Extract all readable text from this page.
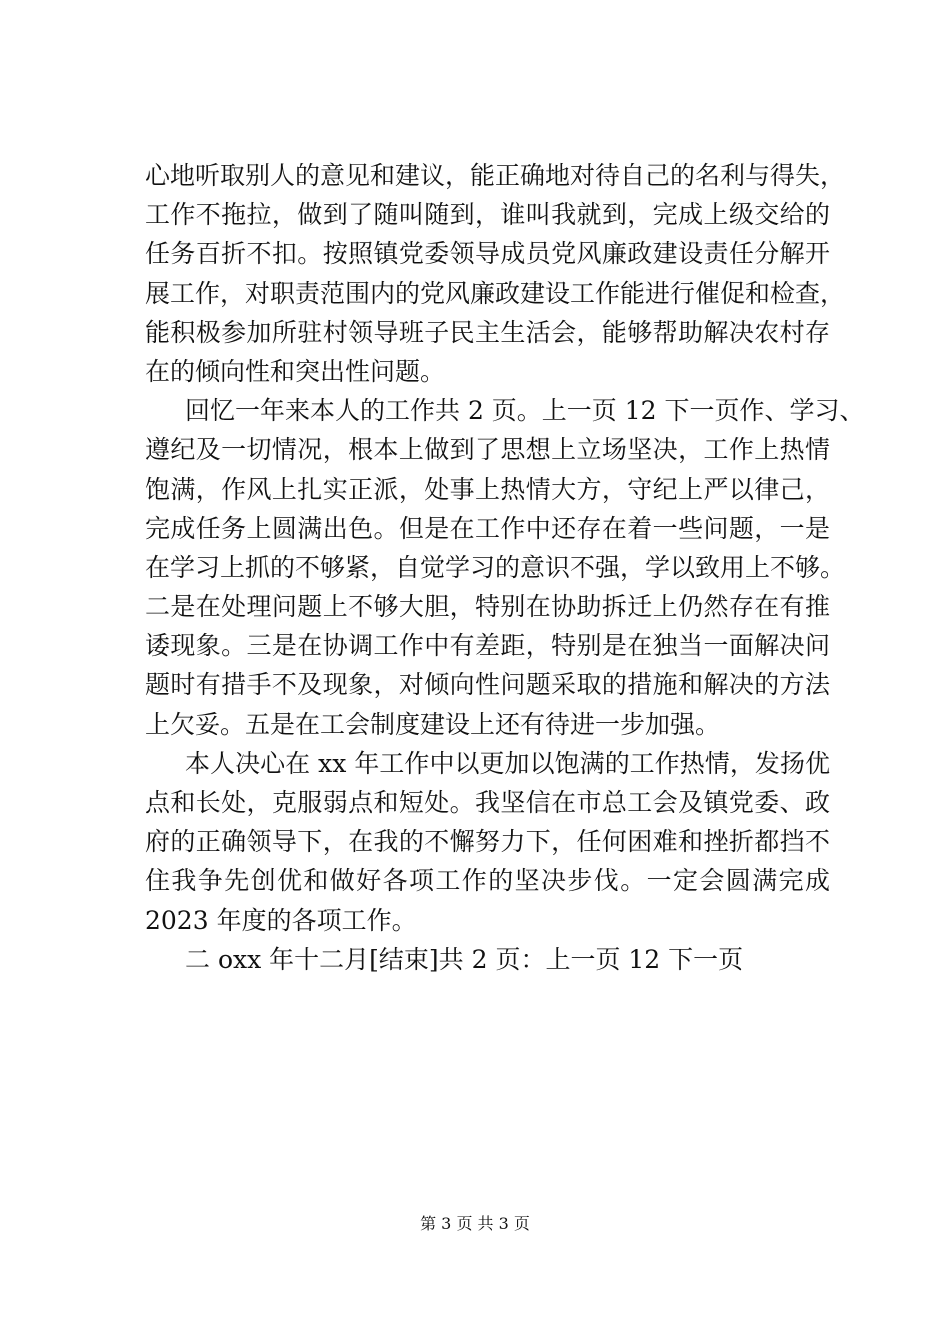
心地听取别人的意见和建议，能正确地对待自己的名利与得失，
工作不拖拉，做到了随叫随到，谁叫我就到，完成上级交给的
任务百折不扣。按照镇党委领导成员党风廉政建设责任分解开
展工作，对职责范围内的党风廉政建设工作能进行催促和检查，
能积极参加所驻村领导班子民主生活会，能够帮助解决农村存
在的倾向性和突出性问题。
回忆一年来本人的工作共 2 页。上一页 12 下一页作、学习、
遵纪及一切情况，根本上做到了思想上立场坚决，工作上热情
饱满，作风上扎实正派，处事上热情大方，守纪上严以律己，
完成任务上圆满出色。但是在工作中还存在着一些问题，一是
在学习上抓的不够紧，自觉学习的意识不强，学以致用上不够。
二是在处理问题上不够大胆，特别在协助拆迁上仍然存在有推
诿现象。三是在协调工作中有差距，特别是在独当一面解决问
题时有措手不及现象，对倾向性问题采取的措施和解决的方法
上欠妥。五是在工会制度建设上还有待进一步加强。
本人决心在 xx 年工作中以更加以饱满的工作热情，发扬优
点和长处，克服弱点和短处。我坚信在市总工会及镇党委、政
府的正确领导下，在我的不懈努力下，任何困难和挫折都挡不
住我争先创优和做好各项工作的坚决步伐。一定会圆满完成
2023 年度的各项工作。
二 oxx 年十二月[结束]共 2 页：上一页 12 下一页
第 3 页 共 3 页
